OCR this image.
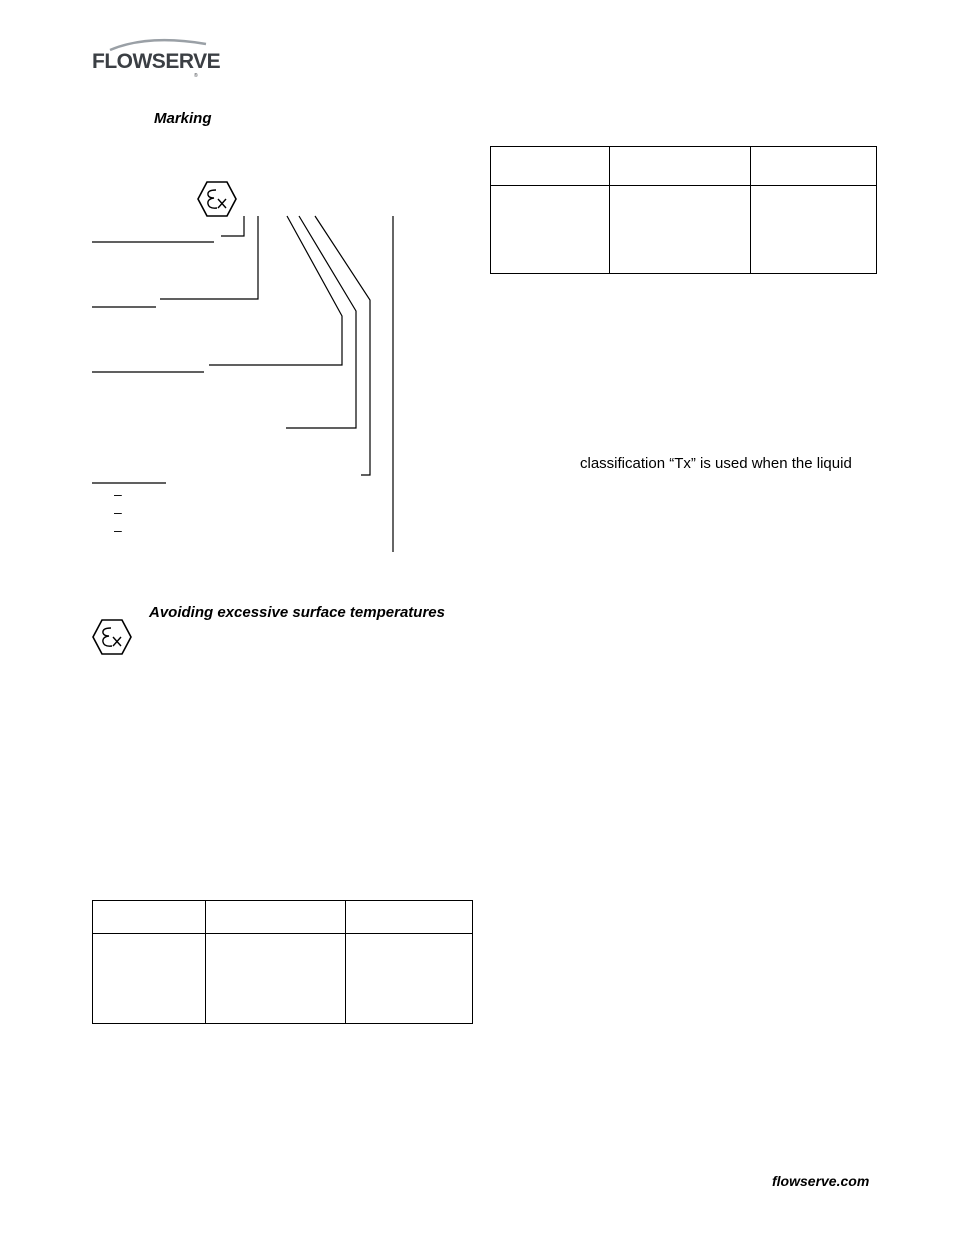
FLOWSERVE
®
Marking
–
–
–

classification “Tx” is used when the liquid
Avoiding excessive surface temperatures

flowserve.com
